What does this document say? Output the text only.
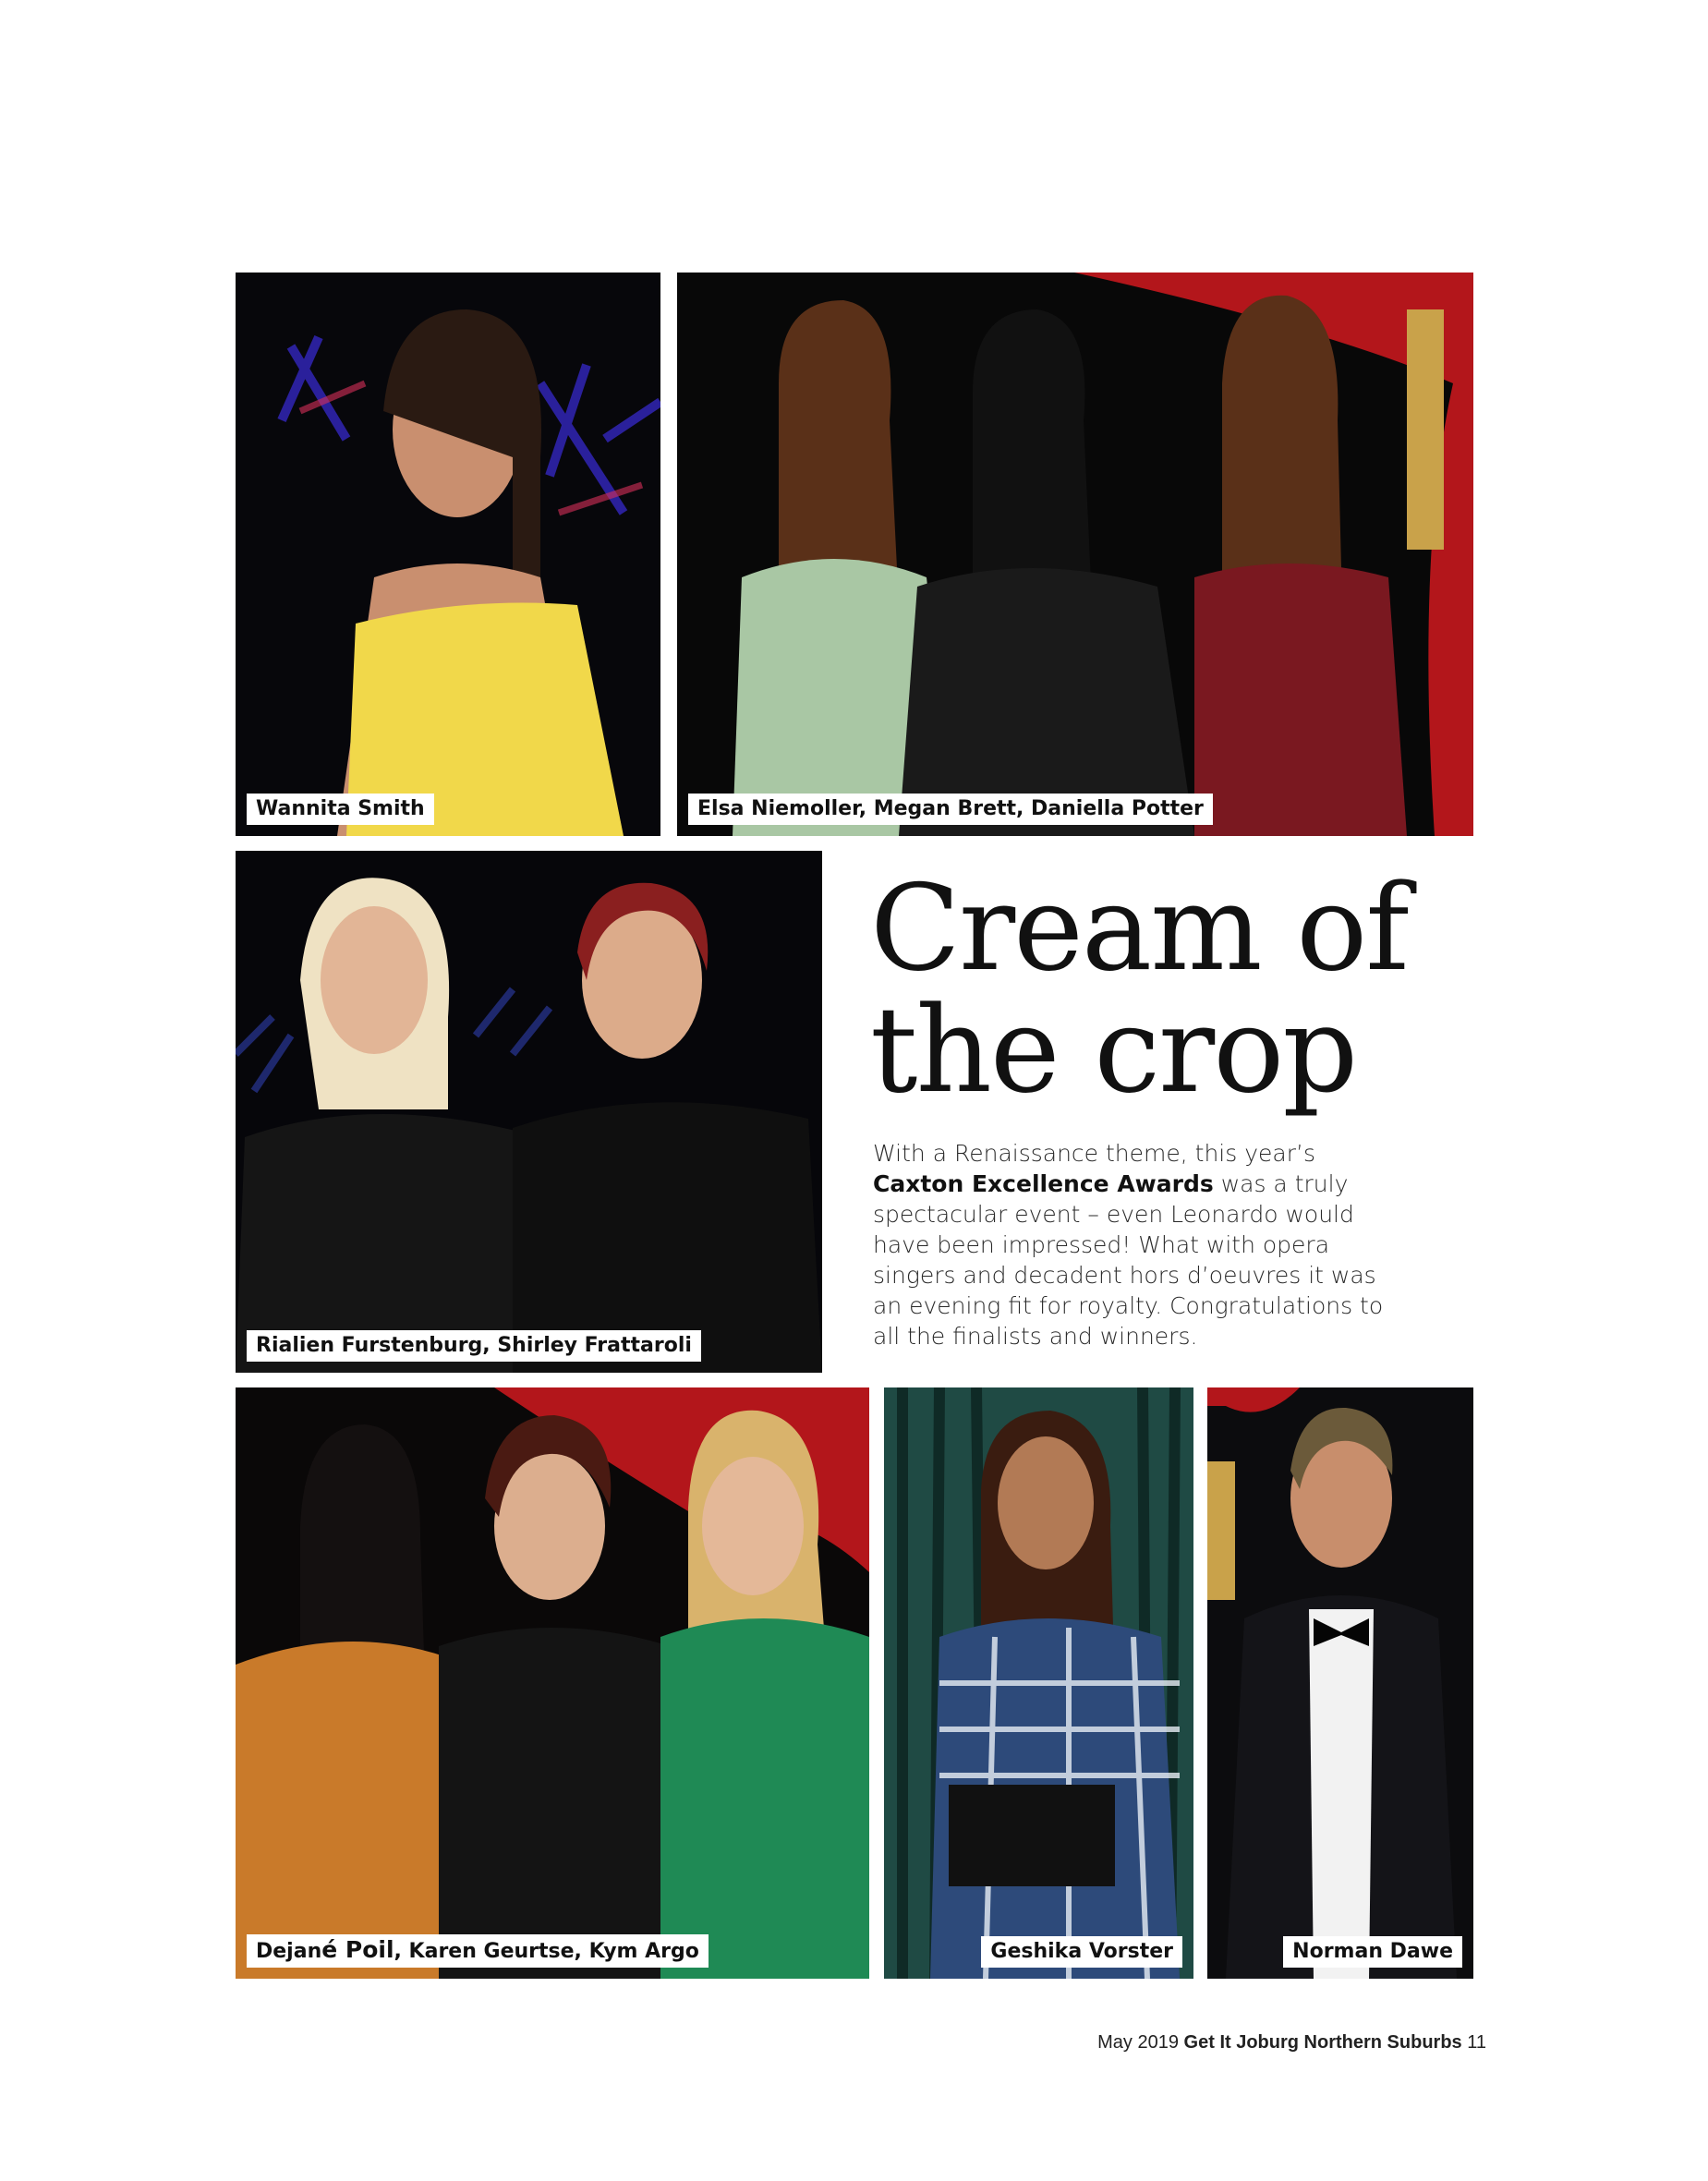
Wannita Smith	Elsa Niemoller, Megan Brett, Daniella Potter
Rialien Furstenburg, Shirley Frattaroli
Cream of
the crop

With a Renaissance theme, this year’s Caxton Excellence Awards was a truly spectacular event – even Leonardo would have been impressed! What with opera singers and decadent hors d’oeuvres it was an evening fit for royalty. Congratulations to all the finalists and winners.

Dejané Poil, Karen Geurtse, Kym Argo	Geshika Vorster	Norman Dawe
May 2019 Get It Joburg Northern Suburbs 11
